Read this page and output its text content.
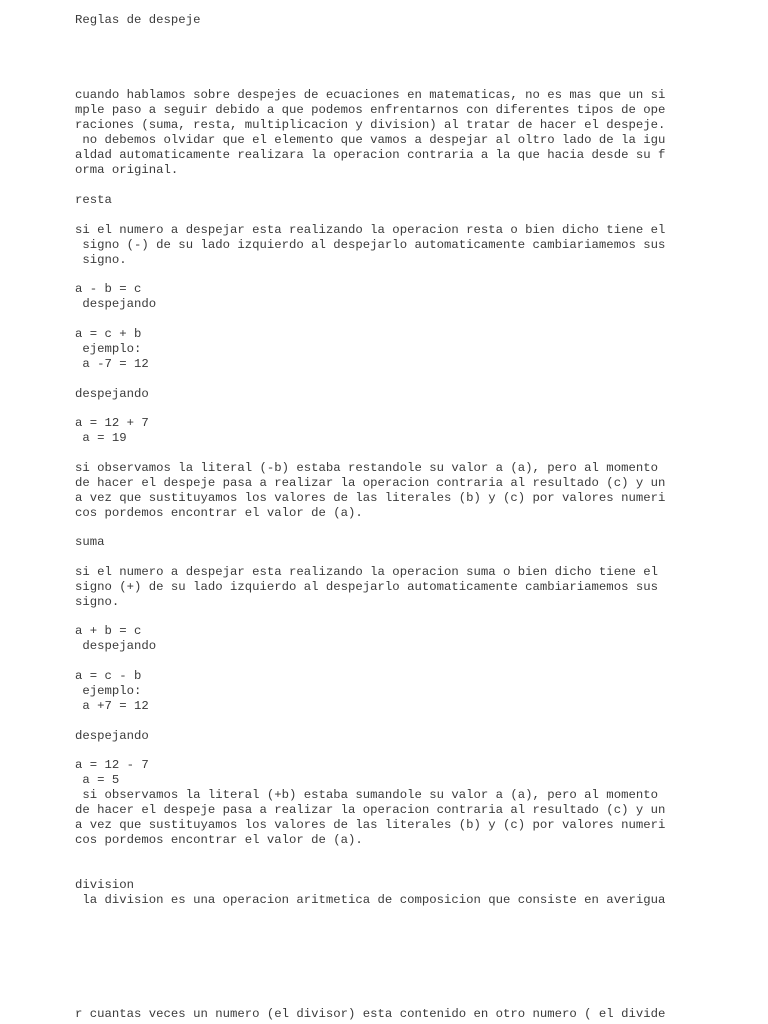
Reglas de despeje

cuando hablamos sobre despejes de ecuaciones en matematicas, no es mas que un si

mple paso a seguir debido a que podemos enfrentarnos con diferentes tipos de ope

raciones (suma, resta, multiplicacion y division) al tratar de hacer el despeje.

no debemos olvidar que el elemento que vamos a despejar al oltro lado de la igu

aldad automaticamente realizara la operacion contraria a la que hacia desde su f

orma original.

resta

si el numero a despejar esta realizando la operacion resta o bien dicho tiene el

signo (-) de su lado izquierdo al despejarlo automaticamente cambiariamemos sus

signo.

a - b = c

despejando

a = c + b

ejemplo:

a -7 = 12

despejando

a = 12 + 7

a = 19

si observamos la literal (-b) estaba restandole su valor a (a), pero al momento

de hacer el despeje pasa a realizar la operacion contraria al resultado (c) y un

a vez que sustituyamos los valores de las literales (b) y (c) por valores numeri

cos pordemos encontrar el valor de (a).

suma

si el numero a despejar esta realizando la operacion suma o bien dicho tiene el

signo (+) de su lado izquierdo al despejarlo automaticamente cambiariamemos sus

signo.

a + b = c

despejando

a = c - b

ejemplo:

a +7 = 12

despejando

a = 12 - 7

a = 5

si observamos la literal (+b) estaba sumandole su valor a (a), pero al momento

de hacer el despeje pasa a realizar la operacion contraria al resultado (c) y un

a vez que sustituyamos los valores de las literales (b) y (c) por valores numeri

cos pordemos encontrar el valor de (a).

division

la division es una operacion aritmetica de composicion que consiste en averigua

r cuantas veces un numero (el divisor) esta contenido en otro numero ( el divide
